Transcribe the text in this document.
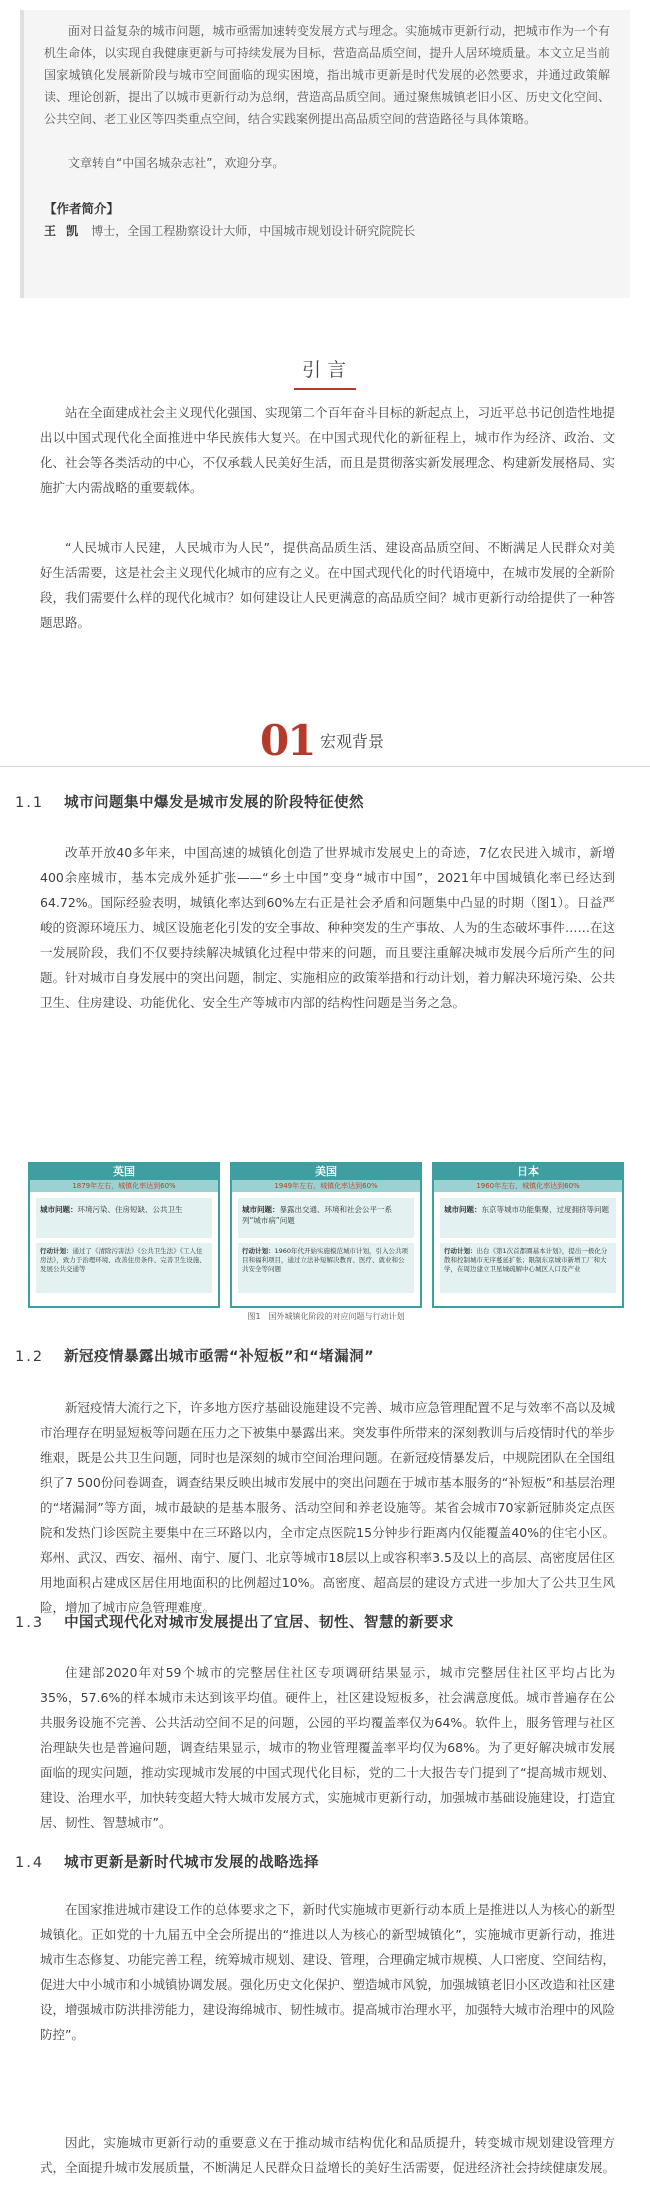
面对日益复杂的城市问题，城市亟需加速转变发展方式与理念。实施城市更新行动，把城市作为一个有机生命体，以实现自我健康更新与可持续发展为目标，营造高品质空间，提升人居环境质量。本文立足当前国家城镇化发展新阶段与城市空间面临的现实困境，指出城市更新是时代发展的必然要求，并通过政策解读、理论创新，提出了以城市更新行动为总纲，营造高品质空间。通过聚焦城镇老旧小区、历史文化空间、公共空间、老工业区等四类重点空间，结合实践案例提出高品质空间的营造路径与具体策略。

文章转自“中国名城杂志社”，欢迎分享。

【作者简介】
王 凯 博士，全国工程勘察设计大师，中国城市规划设计研究院院长
引言

站在全面建成社会主义现代化强国、实现第二个百年奋斗目标的新起点上，习近平总书记创造性地提出以中国式现代化全面推进中华民族伟大复兴。在中国式现代化的新征程上，城市作为经济、政治、文化、社会等各类活动的中心，不仅承载人民美好生活，而且是贯彻落实新发展理念、构建新发展格局、实施扩大内需战略的重要载体。

“人民城市人民建，人民城市为人民”，提供高品质生活、建设高品质空间、不断满足人民群众对美好生活需要，这是社会主义现代化城市的应有之义。在中国式现代化的时代语境中，在城市发展的全新阶段，我们需要什么样的现代化城市？如何建设让人民更满意的高品质空间？城市更新行动给提供了一种答题思路。

01 宏观背景
1.1 城市问题集中爆发是城市发展的阶段特征使然

改革开放40多年来，中国高速的城镇化创造了世界城市发展史上的奇迹，7亿农民进入城市，新增400余座城市，基本完成外延扩张——“乡土中国”变身“城市中国”，2021年中国城镇化率已经达到64.72%。国际经验表明，城镇化率达到60%左右正是社会矛盾和问题集中凸显的时期（图1）。日益严峻的资源环境压力、城区设施老化引发的安全事故、种种突发的生产事故、人为的生态破坏事件……在这一发展阶段，我们不仅要持续解决城镇化过程中带来的问题，而且要注重解决城市发展今后所产生的问题。针对城市自身发展中的突出问题，制定、实施相应的政策举措和行动计划，着力解决环境污染、公共卫生、住房建设、功能优化、安全生产等城市内部的结构性问题是当务之急。

英国
1879年左右，城镇化率达到60%
城市问题：环境污染、住房短缺、公共卫生
行动计划：通过了《清除污害法》《公共卫生法》《工人住房法》，致力于治理环境、改善住房条件、完善卫生设施、发展公共交通等
美国
1949年左右，城镇化率达到60%
城市问题：暴露出交通、环境和社会公平一系列“城市病”问题
行动计划：1960年代开始实施模范城市计划，引入公共项目和福利项目，通过立法补短解决教育、医疗、就业和公共安全等问题
日本
1960年左右，城镇化率达到60%
城市问题：东京等城市功能集聚、过度拥挤等问题
行动计划：出台《第1次首都圈基本计划》，提出一极化分散和控制城市无序蔓延扩张；限制东京城市新增工厂和大学，在周边建立卫星城疏解中心城区人口及产业
图1　国外城镇化阶段的对应问题与行动计划
1.2 新冠疫情暴露出城市亟需“补短板”和“堵漏洞”

新冠疫情大流行之下，许多地方医疗基础设施建设不完善、城市应急管理配置不足与效率不高以及城市治理存在明显短板等问题在压力之下被集中暴露出来。突发事件所带来的深刻教训与后疫情时代的举步维艰，既是公共卫生问题，同时也是深刻的城市空间治理问题。在新冠疫情暴发后，中规院团队在全国组织了7 500份问卷调查，调查结果反映出城市发展中的突出问题在于城市基本服务的“补短板”和基层治理的“堵漏洞”等方面，城市最缺的是基本服务、活动空间和养老设施等。某省会城市70家新冠肺炎定点医院和发热门诊医院主要集中在三环路以内，全市定点医院15分钟步行距离内仅能覆盖40%的住宅小区。郑州、武汉、西安、福州、南宁、厦门、北京等城市18层以上或容积率3.5及以上的高层、高密度居住区用地面积占建成区居住用地面积的比例超过10%。高密度、超高层的建设方式进一步加大了公共卫生风险，增加了城市应急管理难度。

1.3 中国式现代化对城市发展提出了宜居、韧性、智慧的新要求

住建部2020年对59个城市的完整居住社区专项调研结果显示，城市完整居住社区平均占比为35%，57.6%的样本城市未达到该平均值。硬件上，社区建设短板多，社会满意度低。城市普遍存在公共服务设施不完善、公共活动空间不足的问题，公园的平均覆盖率仅为64%。软件上，服务管理与社区治理缺失也是普遍问题，调查结果显示，城市的物业管理覆盖率平均仅为68%。为了更好解决城市发展面临的现实问题，推动实现城市发展的中国式现代化目标，党的二十大报告专门提到了“提高城市规划、建设、治理水平，加快转变超大特大城市发展方式，实施城市更新行动，加强城市基础设施建设，打造宜居、韧性、智慧城市”。

1.4 城市更新是新时代城市发展的战略选择

在国家推进城市建设工作的总体要求之下，新时代实施城市更新行动本质上是推进以人为核心的新型城镇化。正如党的十九届五中全会所提出的“推进以人为核心的新型城镇化”，实施城市更新行动，推进城市生态修复、功能完善工程，统筹城市规划、建设、管理，合理确定城市规模、人口密度、空间结构，促进大中小城市和小城镇协调发展。强化历史文化保护、塑造城市风貌，加强城镇老旧小区改造和社区建设，增强城市防洪排涝能力，建设海绵城市、韧性城市。提高城市治理水平，加强特大城市治理中的风险防控”。

因此，实施城市更新行动的重要意义在于推动城市结构优化和品质提升，转变城市规划建设管理方式，全面提升城市发展质量，不断满足人民群众日益增长的美好生活需要，促进经济社会持续健康发展。
